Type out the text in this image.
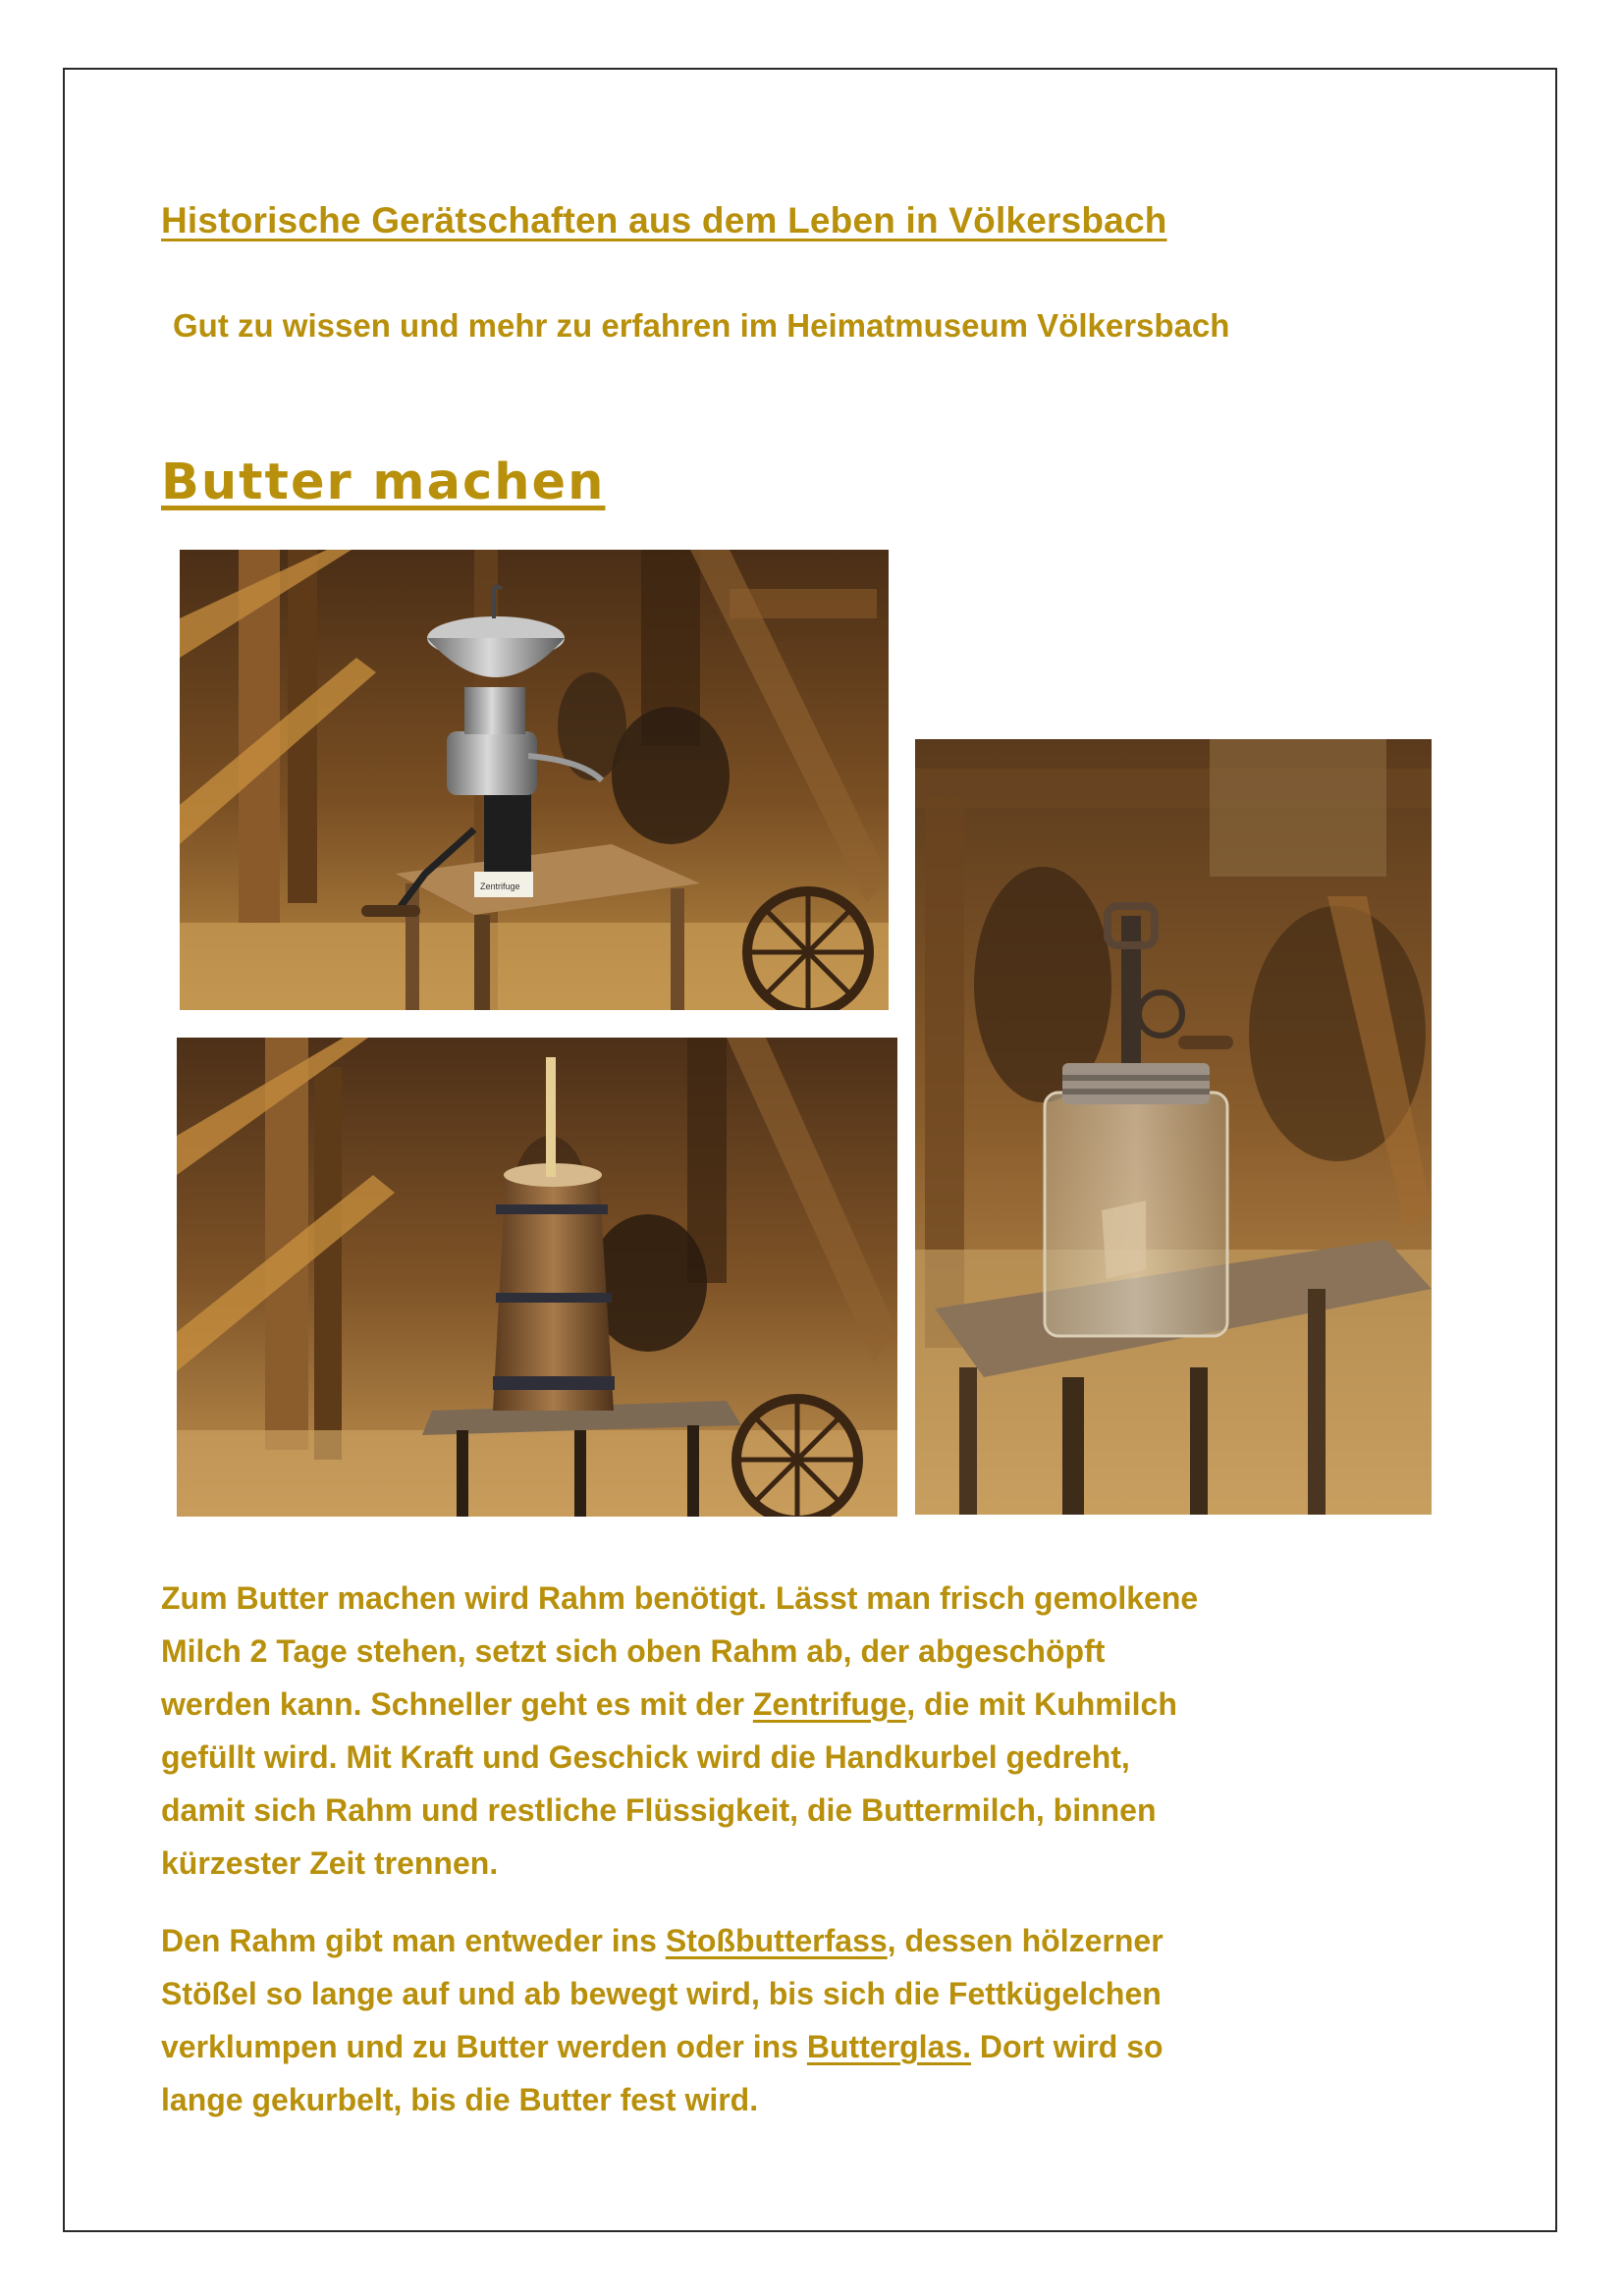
Historische Gerätschaften aus dem Leben in Völkersbach

Gut zu wissen und mehr zu erfahren im Heimatmuseum Völkersbach

Butter machen
Zentrifuge

Zum Butter machen wird Rahm benötigt. Lässt man frisch gemolkene
Milch 2 Tage stehen, setzt sich oben Rahm ab, der abgeschöpft
werden kann. Schneller geht es mit der Zentrifuge, die mit Kuhmilch
gefüllt wird. Mit Kraft und Geschick wird die Handkurbel gedreht,
damit sich Rahm und restliche Flüssigkeit, die Buttermilch, binnen
kürzester Zeit trennen.

Den Rahm gibt man entweder ins Stoßbutterfass, dessen hölzerner
Stößel so lange auf und ab bewegt wird, bis sich die Fettkügelchen
verklumpen und zu Butter werden oder ins Butterglas. Dort wird so
lange gekurbelt, bis die Butter fest wird.
